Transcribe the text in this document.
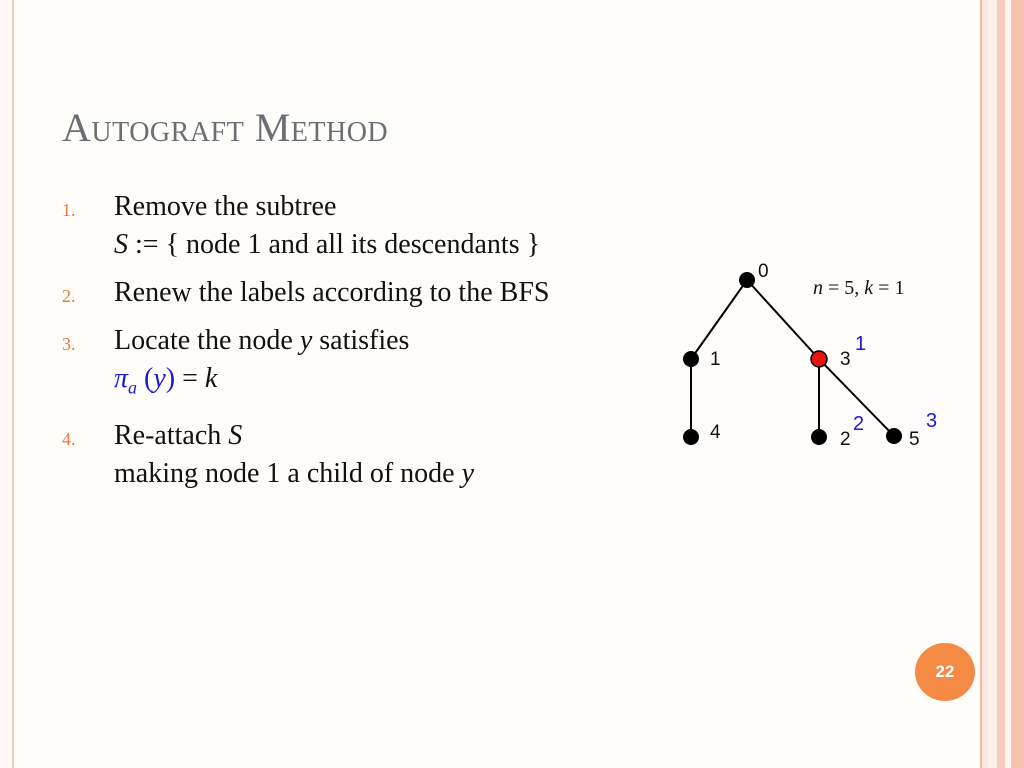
Autograft Method
1. Remove the subtree
S := { node 1 and all its descendants }
2. Renew the labels according to the BFS
3. Locate the node y satisfies
$\pi_a$ (y) = k
4. Re-attach S
making node 1 a child of node y
0
1	3
4	2	5
1
2	3
n = 5, k = 1
22
